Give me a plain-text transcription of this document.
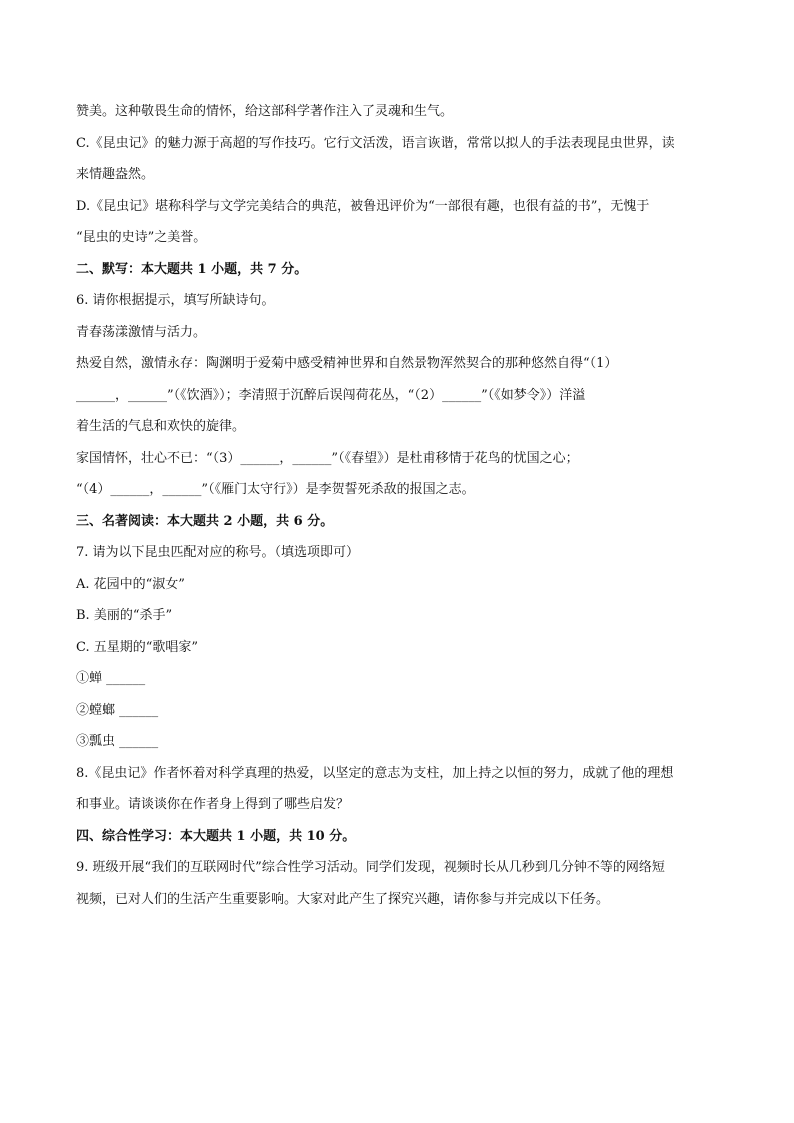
赞美。这种敬畏生命的情怀，给这部科学著作注入了灵魂和生气。

C.《昆虫记》的魅力源于高超的写作技巧。它行文活泼，语言诙谐，常常以拟人的手法表现昆虫世界，读

来情趣盎然。

D.《昆虫记》堪称科学与文学完美结合的典范，被鲁迅评价为“一部很有趣，也很有益的书”，无愧于

“昆虫的史诗”之美誉。

二、默写：本大题共 1 小题，共 7 分。

6. 请你根据提示，填写所缺诗句。

青春荡漾激情与活力。

热爱自然，激情永存：陶渊明于爱菊中感受精神世界和自然景物浑然契合的那种悠然自得“（1）

______，______”（《饮酒》）；李清照于沉醉后误闯荷花丛，“（2）______”（《如梦令》）洋溢

着生活的气息和欢快的旋律。

家国情怀，壮心不已：“（3）______，______”（《春望》）是杜甫移情于花鸟的忧国之心；

“（4）______，______”（《雁门太守行》）是李贺誓死杀敌的报国之志。

三、名著阅读：本大题共 2 小题，共 6 分。

7. 请为以下昆虫匹配对应的称号。（填选项即可）

A. 花园中的“淑女”

B. 美丽的“杀手”

C. 五星期的“歌唱家”

①蝉 ______

②螳螂 ______

③瓢虫 ______

8.《昆虫记》作者怀着对科学真理的热爱，以坚定的意志为支柱，加上持之以恒的努力，成就了他的理想

和事业。请谈谈你在作者身上得到了哪些启发？

四、综合性学习：本大题共 1 小题，共 10 分。

9. 班级开展“我们的互联网时代”综合性学习活动。同学们发现，视频时长从几秒到几分钟不等的网络短

视频，已对人们的生活产生重要影响。大家对此产生了探究兴趣，请你参与并完成以下任务。
